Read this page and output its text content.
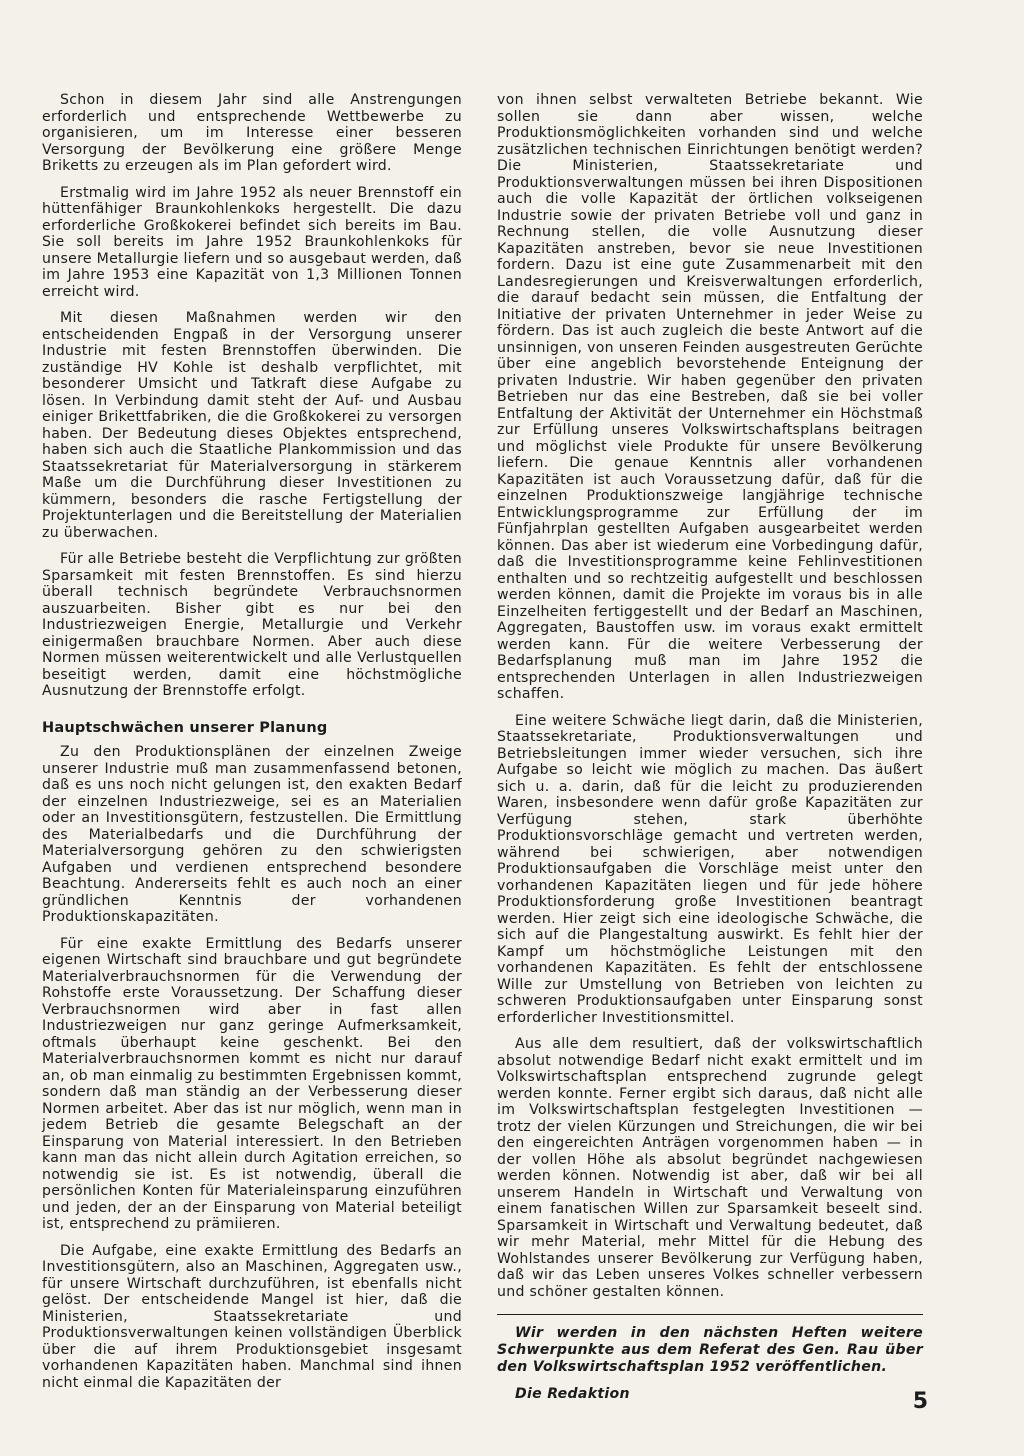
Schon in diesem Jahr sind alle Anstrengungen erforderlich und entsprechende Wettbewerbe zu organisieren, um im Interesse einer besseren Versorgung der Bevölkerung eine größere Menge Briketts zu erzeugen als im Plan gefordert wird.

Erstmalig wird im Jahre 1952 als neuer Brennstoff ein hüttenfähiger Braunkohlenkoks hergestellt. Die dazu erforderliche Großkokerei befindet sich bereits im Bau. Sie soll bereits im Jahre 1952 Braunkohlenkoks für unsere Metallurgie liefern und so ausgebaut werden, daß im Jahre 1953 eine Kapazität von 1,3 Millionen Tonnen erreicht wird.

Mit diesen Maßnahmen werden wir den entscheidenden Engpaß in der Versorgung unserer Industrie mit festen Brennstoffen überwinden. Die zuständige HV Kohle ist deshalb verpflichtet, mit besonderer Umsicht und Tatkraft diese Aufgabe zu lösen. In Verbindung damit steht der Auf- und Ausbau einiger Brikettfabriken, die die Großkokerei zu versorgen haben. Der Bedeutung dieses Objektes entsprechend, haben sich auch die Staatliche Plankommission und das Staatssekretariat für Materialversorgung in stärkerem Maße um die Durchführung dieser Investitionen zu kümmern, besonders die rasche Fertigstellung der Projektunterlagen und die Bereitstellung der Materialien zu überwachen.

Für alle Betriebe besteht die Verpflichtung zur größten Sparsamkeit mit festen Brennstoffen. Es sind hierzu überall technisch begründete Verbrauchsnormen auszuarbeiten. Bisher gibt es nur bei den Industriezweigen Energie, Metallurgie und Verkehr einigermaßen brauchbare Normen. Aber auch diese Normen müssen weiterentwickelt und alle Verlustquellen beseitigt werden, damit eine höchstmögliche Ausnutzung der Brennstoffe erfolgt.

Hauptschwächen unserer Planung

Zu den Produktionsplänen der einzelnen Zweige unserer Industrie muß man zusammenfassend betonen, daß es uns noch nicht gelungen ist, den exakten Bedarf der einzelnen Industriezweige, sei es an Materialien oder an Investitionsgütern, festzustellen. Die Ermittlung des Materialbedarfs und die Durchführung der Materialversorgung gehören zu den schwierigsten Aufgaben und verdienen entsprechend besondere Beachtung. Andererseits fehlt es auch noch an einer gründlichen Kenntnis der vorhandenen Produktionskapazitäten.

Für eine exakte Ermittlung des Bedarfs unserer eigenen Wirtschaft sind brauchbare und gut begründete Materialverbrauchsnormen für die Verwendung der Rohstoffe erste Voraussetzung. Der Schaffung dieser Verbrauchsnormen wird aber in fast allen Industriezweigen nur ganz geringe Aufmerksamkeit, oftmals überhaupt keine geschenkt. Bei den Materialverbrauchsnormen kommt es nicht nur darauf an, ob man einmalig zu bestimmten Ergebnissen kommt, sondern daß man ständig an der Verbesserung dieser Normen arbeitet. Aber das ist nur möglich, wenn man in jedem Betrieb die gesamte Belegschaft an der Einsparung von Material interessiert. In den Betrieben kann man das nicht allein durch Agitation erreichen, so notwendig sie ist. Es ist notwendig, überall die persönlichen Konten für Materialeinsparung einzuführen und jeden, der an der Einsparung von Material beteiligt ist, entsprechend zu prämiieren.

Die Aufgabe, eine exakte Ermittlung des Bedarfs an Investitionsgütern, also an Maschinen, Aggregaten usw., für unsere Wirtschaft durchzuführen, ist ebenfalls nicht gelöst. Der entscheidende Mangel ist hier, daß die Ministerien, Staatssekretariate und Produktionsverwaltungen keinen vollständigen Überblick über die auf ihrem Produktionsgebiet insgesamt vorhandenen Kapazitäten haben. Manchmal sind ihnen nicht einmal die Kapazitäten der

von ihnen selbst verwalteten Betriebe bekannt. Wie sollen sie dann aber wissen, welche Produktionsmöglichkeiten vorhanden sind und welche zusätzlichen technischen Einrichtungen benötigt werden? Die Ministerien, Staatssekretariate und Produktionsverwaltungen müssen bei ihren Dispositionen auch die volle Kapazität der örtlichen volkseigenen Industrie sowie der privaten Betriebe voll und ganz in Rechnung stellen, die volle Ausnutzung dieser Kapazitäten anstreben, bevor sie neue Investitionen fordern. Dazu ist eine gute Zusammenarbeit mit den Landesregierungen und Kreisverwaltungen erforderlich, die darauf bedacht sein müssen, die Entfaltung der Initiative der privaten Unternehmer in jeder Weise zu fördern. Das ist auch zugleich die beste Antwort auf die unsinnigen, von unseren Feinden ausgestreuten Gerüchte über eine angeblich bevorstehende Enteignung der privaten Industrie. Wir haben gegenüber den privaten Betrieben nur das eine Bestreben, daß sie bei voller Entfaltung der Aktivität der Unternehmer ein Höchstmaß zur Erfüllung unseres Volkswirtschaftsplans beitragen und möglichst viele Produkte für unsere Bevölkerung liefern. Die genaue Kenntnis aller vorhandenen Kapazitäten ist auch Voraussetzung dafür, daß für die einzelnen Produktionszweige langjährige technische Entwicklungsprogramme zur Erfüllung der im Fünfjahrplan gestellten Aufgaben ausgearbeitet werden können. Das aber ist wiederum eine Vorbedingung dafür, daß die Investitionsprogramme keine Fehlinvestitionen enthalten und so rechtzeitig aufgestellt und beschlossen werden können, damit die Projekte im voraus bis in alle Einzelheiten fertiggestellt und der Bedarf an Maschinen, Aggregaten, Baustoffen usw. im voraus exakt ermittelt werden kann. Für die weitere Verbesserung der Bedarfsplanung muß man im Jahre 1952 die entsprechenden Unterlagen in allen Industriezweigen schaffen.

Eine weitere Schwäche liegt darin, daß die Ministerien, Staatssekretariate, Produktionsverwaltungen und Betriebsleitungen immer wieder versuchen, sich ihre Aufgabe so leicht wie möglich zu machen. Das äußert sich u. a. darin, daß für die leicht zu produzierenden Waren, insbesondere wenn dafür große Kapazitäten zur Verfügung stehen, stark überhöhte Produktionsvorschläge gemacht und vertreten werden, während bei schwierigen, aber notwendigen Produktionsaufgaben die Vorschläge meist unter den vorhandenen Kapazitäten liegen und für jede höhere Produktionsforderung große Investitionen beantragt werden. Hier zeigt sich eine ideologische Schwäche, die sich auf die Plangestaltung auswirkt. Es fehlt hier der Kampf um höchstmögliche Leistungen mit den vorhandenen Kapazitäten. Es fehlt der entschlossene Wille zur Umstellung von Betrieben von leichten zu schweren Produktionsaufgaben unter Einsparung sonst erforderlicher Investitionsmittel.

Aus alle dem resultiert, daß der volkswirtschaftlich absolut notwendige Bedarf nicht exakt ermittelt und im Volkswirtschaftsplan entsprechend zugrunde gelegt werden konnte. Ferner ergibt sich daraus, daß nicht alle im Volkswirtschaftsplan festgelegten Investitionen — trotz der vielen Kürzungen und Streichungen, die wir bei den eingereichten Anträgen vorgenommen haben — in der vollen Höhe als absolut begründet nachgewiesen werden können. Notwendig ist aber, daß wir bei all unserem Handeln in Wirtschaft und Verwaltung von einem fanatischen Willen zur Sparsamkeit beseelt sind. Sparsamkeit in Wirtschaft und Verwaltung bedeutet, daß wir mehr Material, mehr Mittel für die Hebung des Wohlstandes unserer Bevölkerung zur Verfügung haben, daß wir das Leben unseres Volkes schneller verbessern und schöner gestalten können.

Wir werden in den nächsten Heften weitere Schwerpunkte aus dem Referat des Gen. Rau über den Volkswirtschaftsplan 1952 veröffentlichen.

Die Redaktion	5
